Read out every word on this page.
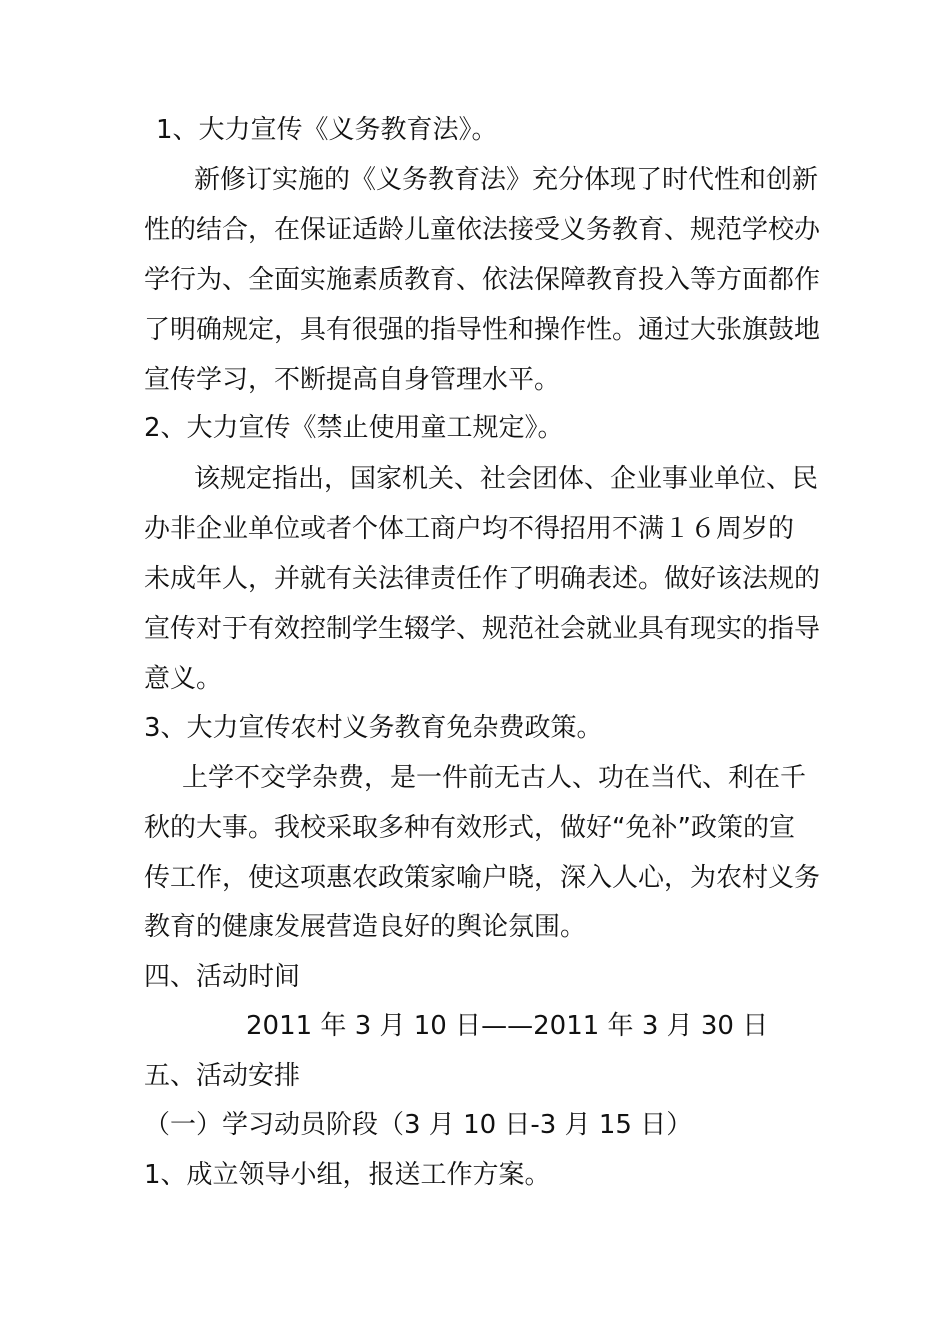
1、大力宣传《义务教育法》。
新修订实施的《义务教育法》充分体现了时代性和创新
性的结合，在保证适龄儿童依法接受义务教育、规范学校办
学行为、全面实施素质教育、依法保障教育投入等方面都作
了明确规定，具有很强的指导性和操作性。通过大张旗鼓地
宣传学习，不断提高自身管理水平。
2、大力宣传《禁止使用童工规定》。
该规定指出，国家机关、社会团体、企业事业单位、民
办非企业单位或者个体工商户均不得招用不满１６周岁的
未成年人，并就有关法律责任作了明确表述。做好该法规的
宣传对于有效控制学生辍学、规范社会就业具有现实的指导
意义。
3、大力宣传农村义务教育免杂费政策。
上学不交学杂费，是一件前无古人、功在当代、利在千
秋的大事。我校采取多种有效形式，做好“免补”政策的宣
传工作，使这项惠农政策家喻户晓，深入人心，为农村义务
教育的健康发展营造良好的舆论氛围。
四、活动时间
2011 年 3 月 10 日——2011 年 3 月 30 日
五、活动安排
（一）学习动员阶段（3 月 10 日-3 月 15 日）
1、成立领导小组，报送工作方案。
